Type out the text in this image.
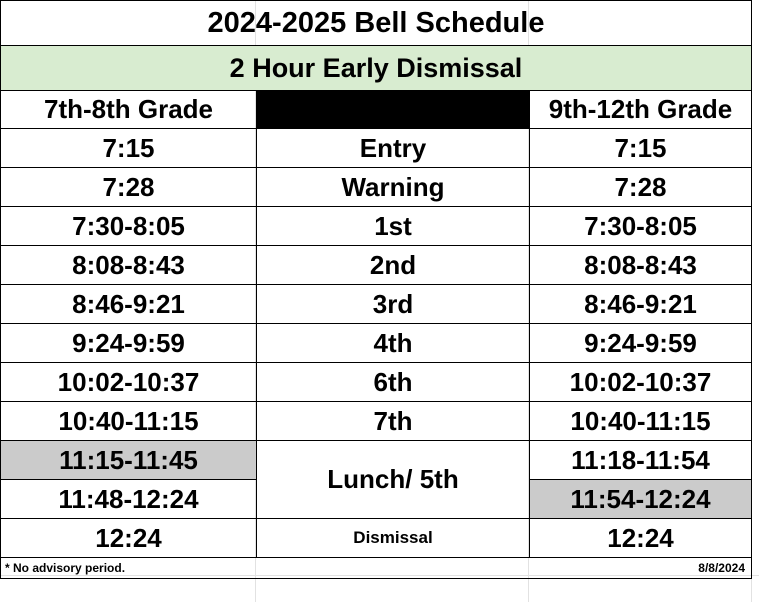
2024-2025 Bell Schedule		
2 Hour Early Dismissal		
7th-8th Grade		9th-12th Grade
7:15	Entry	7:15
7:28	Warning	7:28
7:30-8:05	1st	7:30-8:05
8:08-8:43	2nd	8:08-8:43
8:46-9:21	3rd	8:46-9:21
9:24-9:59	4th	9:24-9:59
10:02-10:37	6th	10:02-10:37
10:40-11:15	7th	10:40-11:15
11:15-11:45	Lunch/ 5th	11:18-11:54
11:48-12:24		11:54-12:24
12:24	Dismissal	12:24

* No advisory period. 8/8/2024		
